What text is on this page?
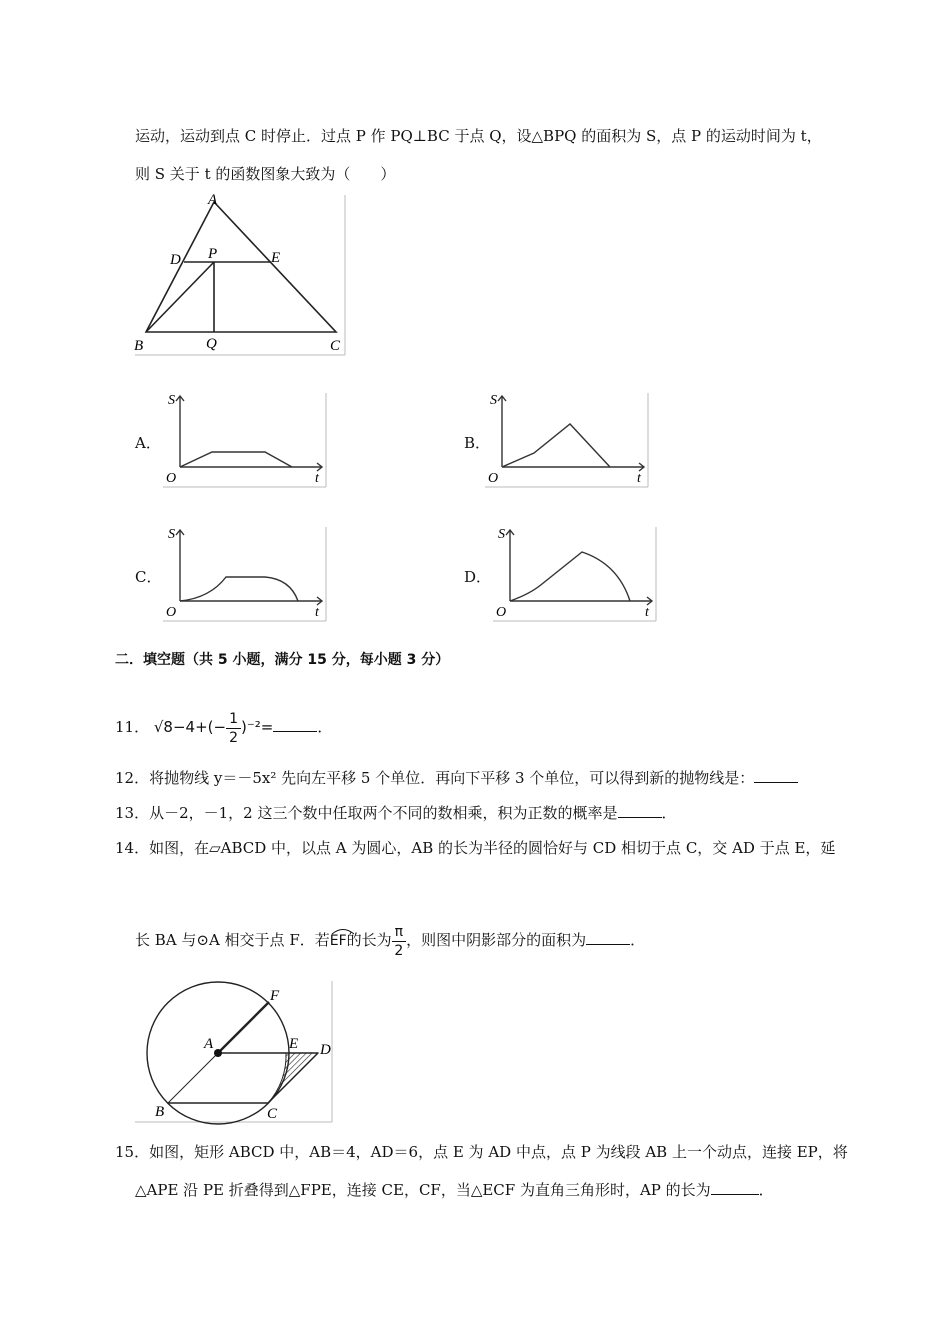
运动，运动到点 C 时停止．过点 P 作 PQ⊥BC 于点 Q，设△BPQ 的面积为 S，点 P 的运动时间为 t，
则 S 关于 t 的函数图象大致为（　　）
A
D P	E
B	Q	C
A．
S
O	t
B．
S
O	t
C．
S
O	t
D．
S
O	t
二．填空题（共 5 小题，满分 15 分，每小题 3 分）
11． $√8-4+(- \frac{1}{2} )^{-2}=$	．
12．将抛物线 y＝－5x² 先向左平移 5 个单位．再向下平移 3 个单位，可以得到新的抛物线是：
13．从－2，－1，2 这三个数中任取两个不同的数相乘，积为正数的概率是	．
14．如图，在▱ABCD 中，以点 A 为圆心，AB 的长为半径的圆恰好与 CD 相切于点 C，交 AD 于点 E，延
长 BA 与⊙A 相交于点 F．若
EF的长为 $\frac{\pi}{2}$ ，则图中阴影部分的面积为	．
A
F
E D
B	C
15．如图，矩形 ABCD 中，AB＝4，AD＝6，点 E 为 AD 中点，点 P 为线段 AB 上一个动点，连接 EP，将
△APE 沿 PE 折叠得到△FPE，连接 CE，CF，当△ECF 为直角三角形时，AP 的长为	．
